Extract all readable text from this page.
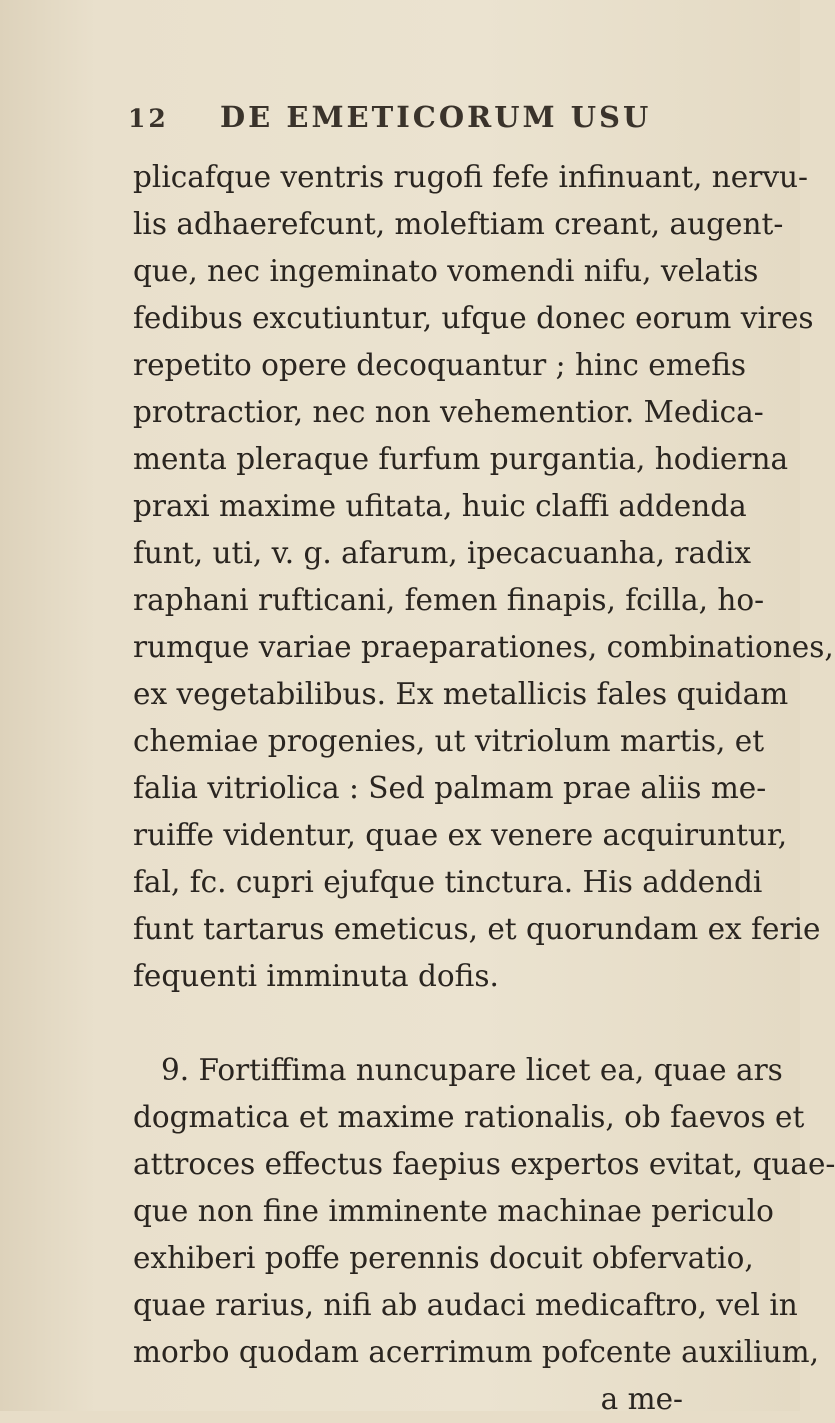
12 DE EMETICORUM USU
plicafque ventris rugofi fefe infinuant, nervu-
lis adhaerefcunt, moleftiam creant, augent-
que, nec ingeminato vomendi nifu, velatis
fedibus excutiuntur, ufque donec eorum vires
repetito opere decoquantur ; hinc emefis
protractior, nec non vehementior. Medica-
menta pleraque furfum purgantia, hodierna
praxi maxime ufitata, huic claffi addenda
funt, uti, v. g. afarum, ipecacuanha, radix
raphani rufticani, femen finapis, fcilla, ho-
rumque variae praeparationes, combinationes,
ex vegetabilibus. Ex metallicis fales quidam
chemiae progenies, ut vitriolum martis, et
falia vitriolica : Sed palmam prae aliis me-
ruiffe videntur, quae ex venere acquiruntur,
fal, fc. cupri ejufque tinctura. His addendi
funt tartarus emeticus, et quorundam ex ferie
fequenti imminuta dofis.
9. Fortiffima nuncupare licet ea, quae ars
dogmatica et maxime rationalis, ob faevos et
attroces effectus faepius expertos evitat, quae-
que non fine imminente machinae periculo
exhiberi poffe perennis docuit obfervatio,
quae rarius, nifi ab audaci medicaftro, vel in
morbo quodam acerrimum pofcente auxilium,
a me-
